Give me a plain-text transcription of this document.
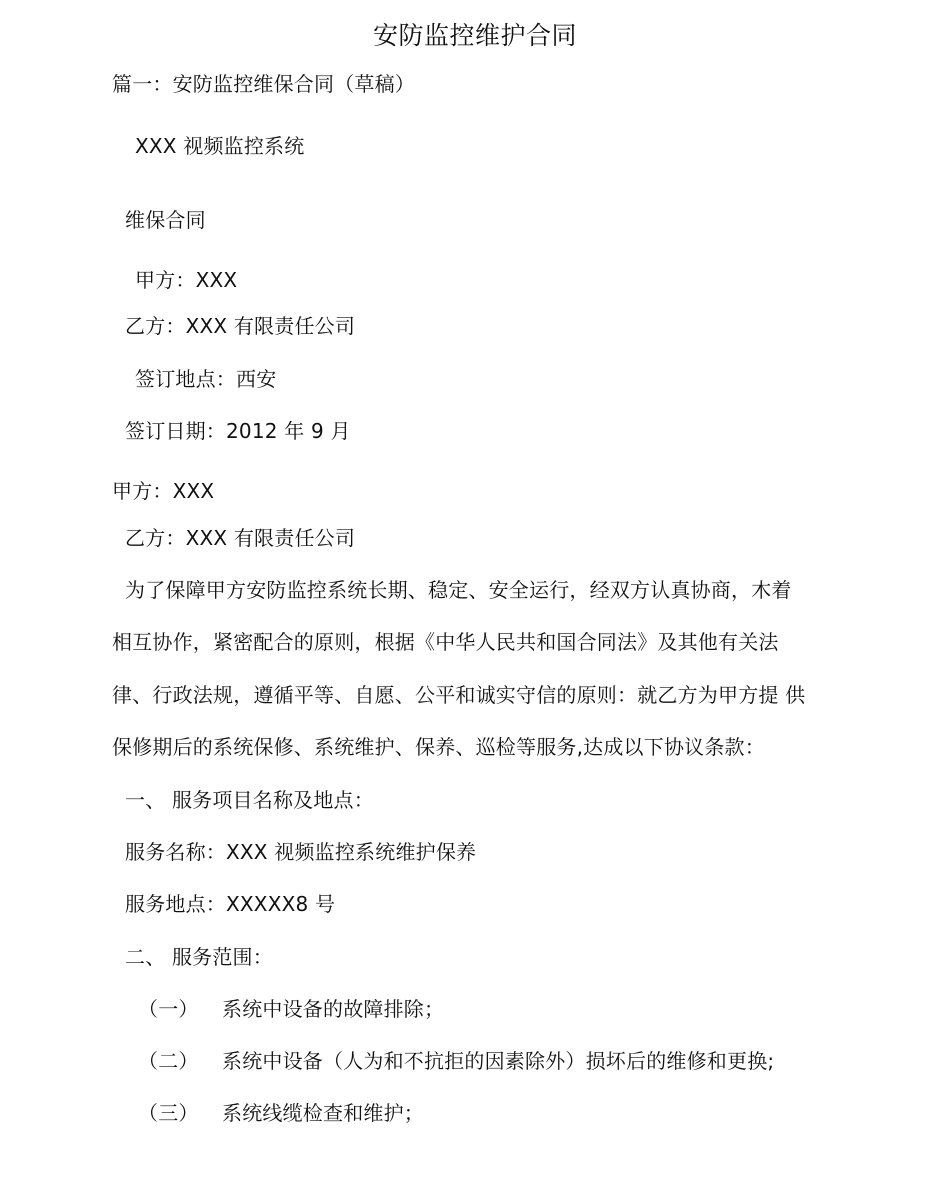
安防监控维护合同
篇一：安防监控维保合同（草稿）
XXX 视频监控系统
维保合同
甲方：XXX
乙方：XXX 有限责任公司
签订地点：西安
签订日期：2012 年 9 月
甲方：XXX
乙方：XXX 有限责任公司
为了保障甲方安防监控系统长期、稳定、安全运行，经双方认真协商，木着
相互协作，紧密配合的原则，根据《中华人民共和国合同法》及其他有关法
律、行政法规，遵循平等、自愿、公平和诚实守信的原则：就乙方为甲方提 供
保修期后的系统保修、系统维护、保养、巡检等服务,达成以下协议条款：
一、 服务项目名称及地点：
服务名称：XXX 视频监控系统维护保养
服务地点：XXXXX8 号
二、 服务范围：
（一） 系统中设备的故障排除；
（二） 系统中设备（人为和不抗拒的因素除外）损坏后的维修和更换;
（三） 系统线缆检查和维护；
